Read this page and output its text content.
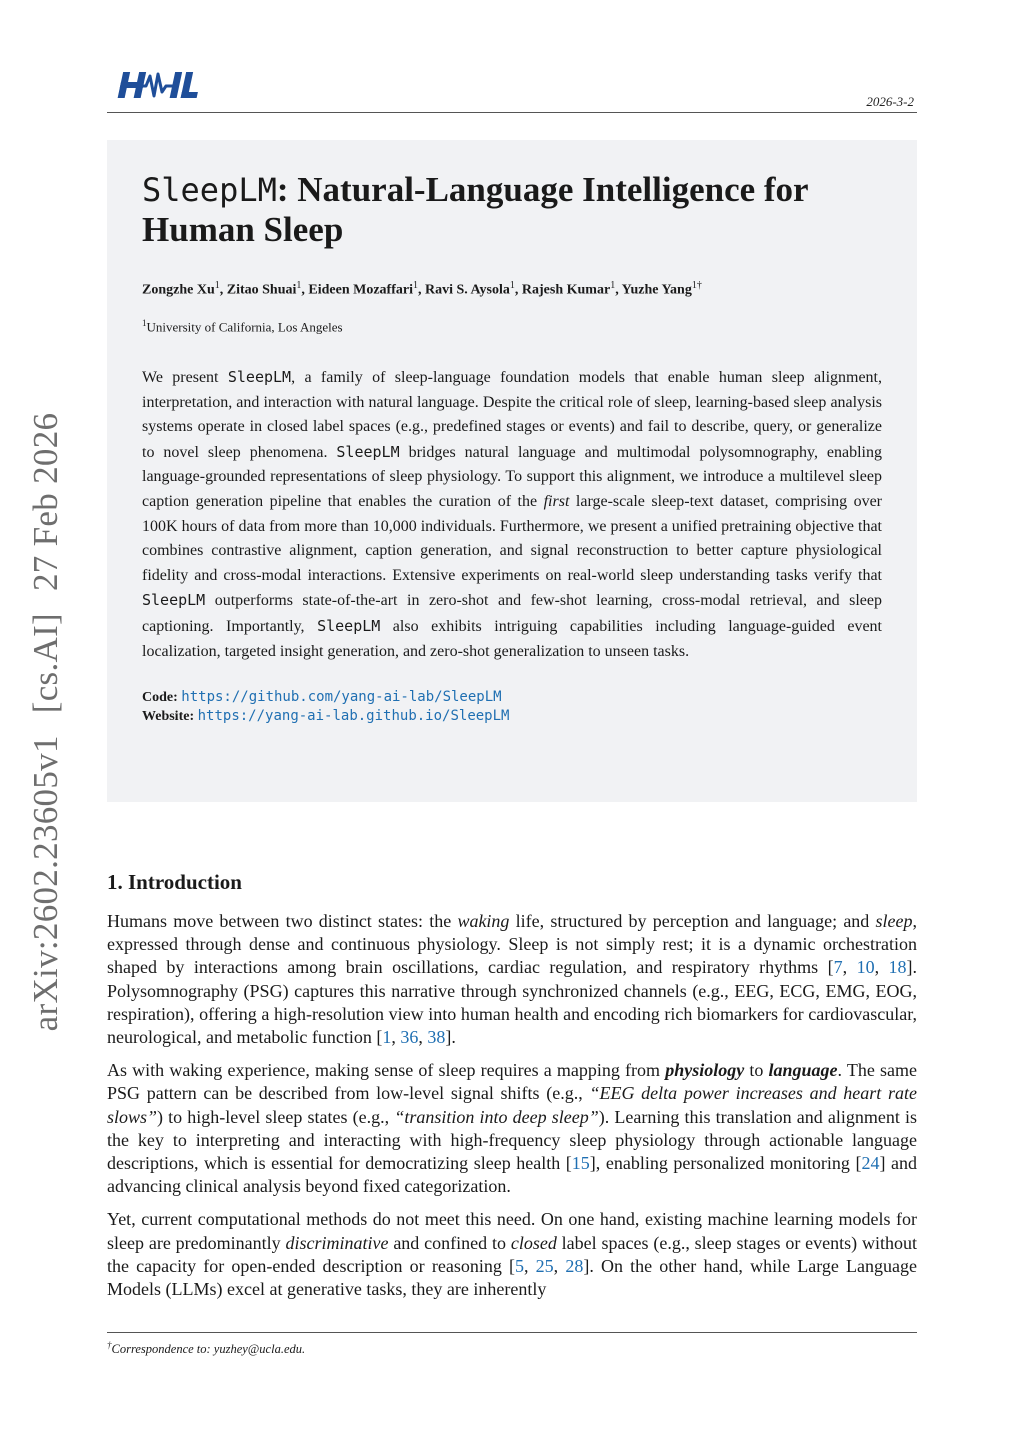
HAIL
2026-3-2
arXiv:2602.23605v1[cs.AI]27 Feb 2026
SleepLM: Natural-Language Intelligence for
Human Sleep
Zongzhe Xu$^1$, Zitao Shuai$^1$, Eideen Mozaffari$^1$, Ravi S. Aysola$^1$, Rajesh Kumar$^1$, Yuzhe Yang$^{1\dagger}$
$^1$University of California, Los Angeles
We present SleepLM, a family of sleep-language foundation models that enable human sleep alignment, interpretation, and interaction with natural language. Despite the critical role of sleep, learning-based sleep analysis systems operate in closed label spaces (e.g., predefined stages or events) and fail to describe, query, or generalize to novel sleep phenomena. SleepLM bridges natural language and multimodal polysomnography, enabling language-grounded representations of sleep physiology. To support this alignment, we introduce a multilevel sleep caption generation pipeline that enables the curation of the first large-scale sleep-text dataset, comprising over 100K hours of data from more than 10,000 individuals. Furthermore, we present a unified pretraining objective that combines contrastive alignment, caption generation, and signal reconstruction to better capture physiological fidelity and cross-modal interactions. Extensive experiments on real-world sleep understanding tasks verify that SleepLM outperforms state-of-the-art in zero-shot and few-shot learning, cross-modal retrieval, and sleep captioning. Importantly, SleepLM also exhibits intriguing capabilities including language-guided event localization, targeted insight generation, and zero-shot generalization to unseen tasks.
Code: https://github.com/yang-ai-lab/SleepLM
Website: https://yang-ai-lab.github.io/SleepLM
1. Introduction

Humans move between two distinct states: the waking life, structured by perception and language; and sleep, expressed through dense and continuous physiology. Sleep is not simply rest; it is a dynamic orchestration shaped by interactions among brain oscillations, cardiac regulation, and respiratory rhythms [7, 10, 18]. Polysomnography (PSG) captures this narrative through synchronized channels (e.g., EEG, ECG, EMG, EOG, respiration), offering a high-resolution view into human health and encoding rich biomarkers for cardiovascular, neurological, and metabolic function [1, 36, 38].

As with waking experience, making sense of sleep requires a mapping from physiology to language. The same PSG pattern can be described from low-level signal shifts (e.g., “EEG delta power increases and heart rate slows”) to high-level sleep states (e.g., “transition into deep sleep”). Learning this translation and alignment is the key to interpreting and interacting with high-frequency sleep physiology through actionable language descriptions, which is essential for democratizing sleep health [15], enabling personalized monitoring [24] and advancing clinical analysis beyond fixed categorization.

Yet, current computational methods do not meet this need. On one hand, existing machine learning models for sleep are predominantly discriminative and confined to closed label spaces (e.g., sleep stages or events) without the capacity for open-ended description or reasoning [5, 25, 28]. On the other hand, while Large Language Models (LLMs) excel at generative tasks, they are inherently

†Correspondence to: yuzhey@ucla.edu.
